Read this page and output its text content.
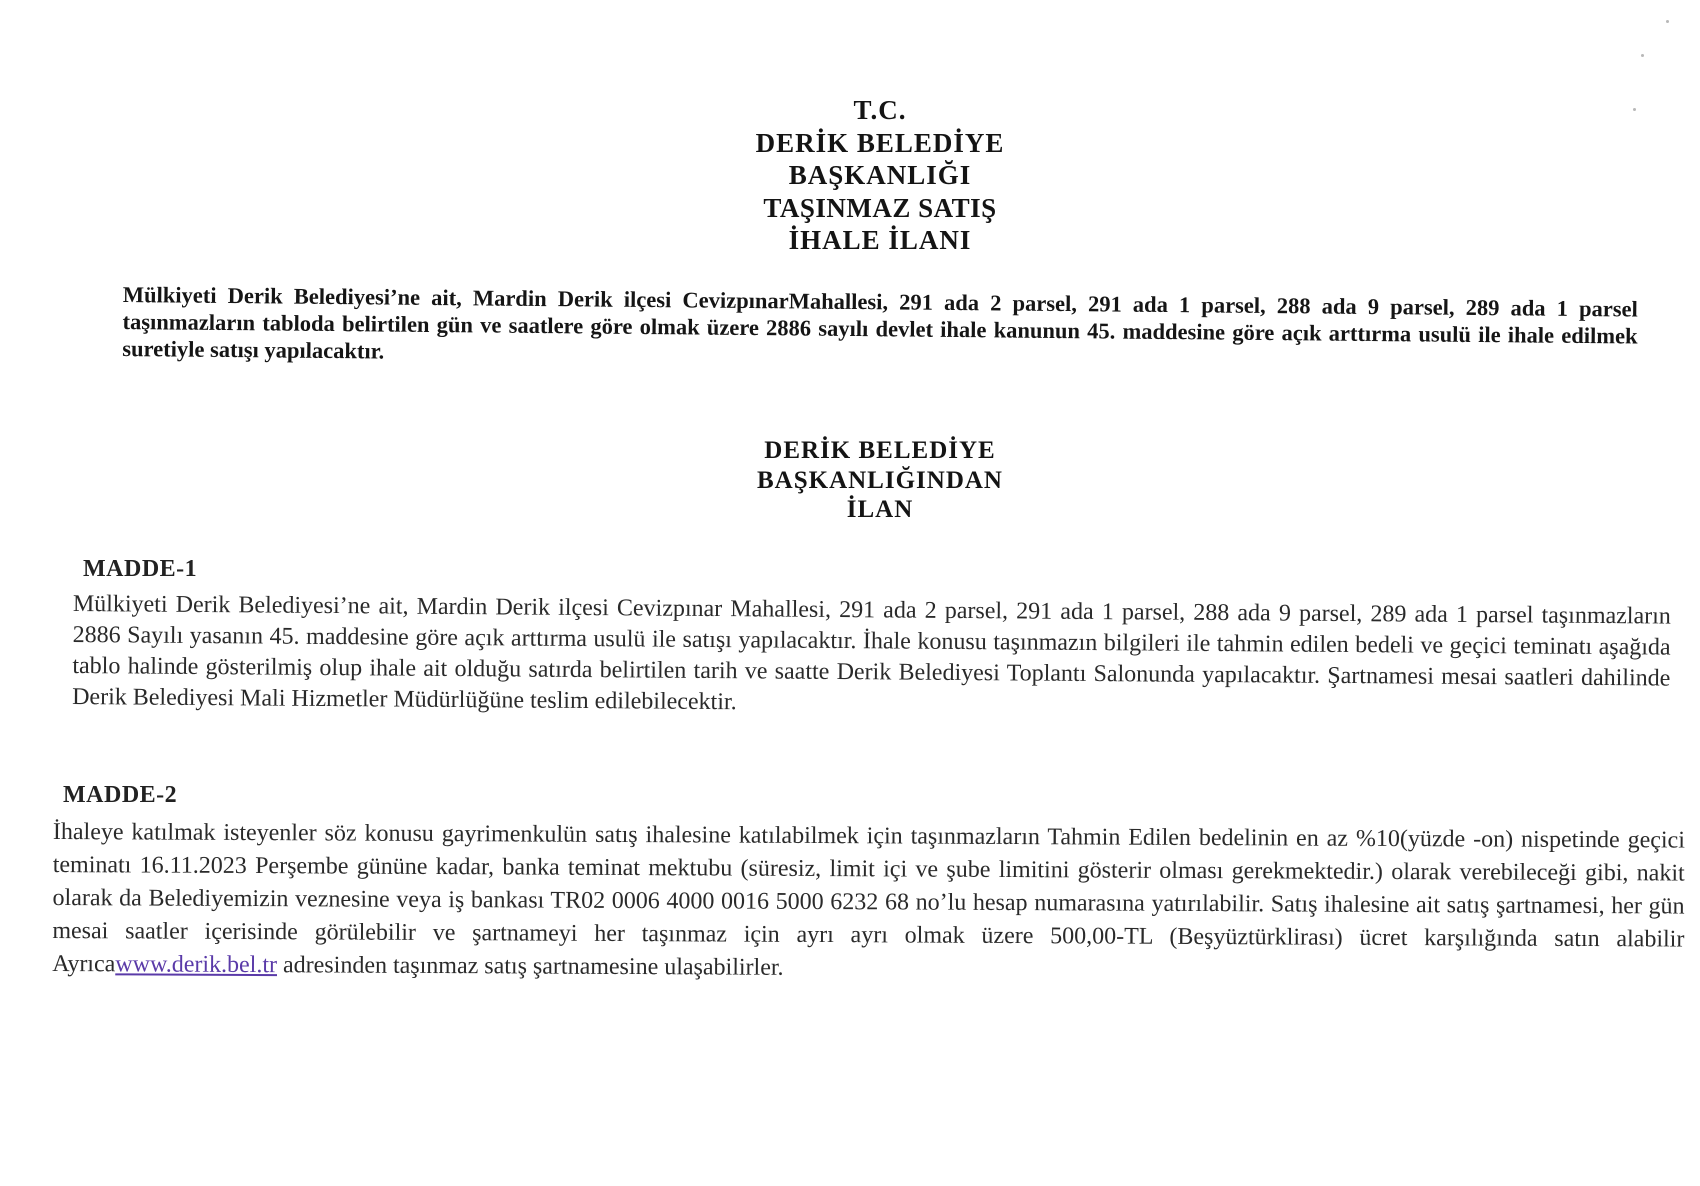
T.C.
DERİK BELEDİYE
BAŞKANLIĞI
TAŞINMAZ SATIŞ
İHALE İLANI
Mülkiyeti Derik Belediyesi’ne ait, Mardin Derik ilçesi CevizpınarMahallesi, 291 ada 2 parsel, 291 ada 1 parsel, 288 ada 9 parsel, 289 ada 1 parsel taşınmazların tabloda belirtilen gün ve saatlere göre olmak üzere 2886 sayılı devlet ihale kanunun 45. maddesine göre açık arttırma usulü ile ihale edilmek suretiyle satışı yapılacaktır.
DERİK BELEDİYE
BAŞKANLIĞINDAN
İLAN
MADDE-1
Mülkiyeti Derik Belediyesi’ne ait, Mardin Derik ilçesi Cevizpınar Mahallesi, 291 ada 2 parsel, 291 ada 1 parsel, 288 ada 9 parsel, 289 ada 1 parsel taşınmazların 2886 Sayılı yasanın 45. maddesine göre açık arttırma usulü ile satışı yapılacaktır. İhale konusu taşınmazın bilgileri ile tahmin edilen bedeli ve geçici teminatı aşağıda tablo halinde gösterilmiş olup ihale ait olduğu satırda belirtilen tarih ve saatte Derik Belediyesi Toplantı Salonunda yapılacaktır. Şartnamesi mesai saatleri dahilinde Derik Belediyesi Mali Hizmetler Müdürlüğüne teslim edilebilecektir.
MADDE-2
İhaleye katılmak isteyenler söz konusu gayrimenkulün satış ihalesine katılabilmek için taşınmazların Tahmin Edilen bedelinin en az %10(yüzde -on) nispetinde geçici teminatı 16.11.2023 Perşembe gününe kadar, banka teminat mektubu (süresiz, limit içi ve şube limitini gösterir olması gerekmektedir.) olarak verebileceği gibi, nakit olarak da Belediyemizin veznesine veya iş bankası TR02 0006 4000 0016 5000 6232 68 no’lu hesap numarasına yatırılabilir. Satış ihalesine ait satış şartnamesi, her gün mesai saatler içerisinde görülebilir ve şartnameyi her taşınmaz için ayrı ayrı olmak üzere 500,00-TL (Beşyüztürklirası) ücret karşılığında satın alabilir Ayrıcawww.derik.bel.tr adresinden taşınmaz satış şartnamesine ulaşabilirler.
